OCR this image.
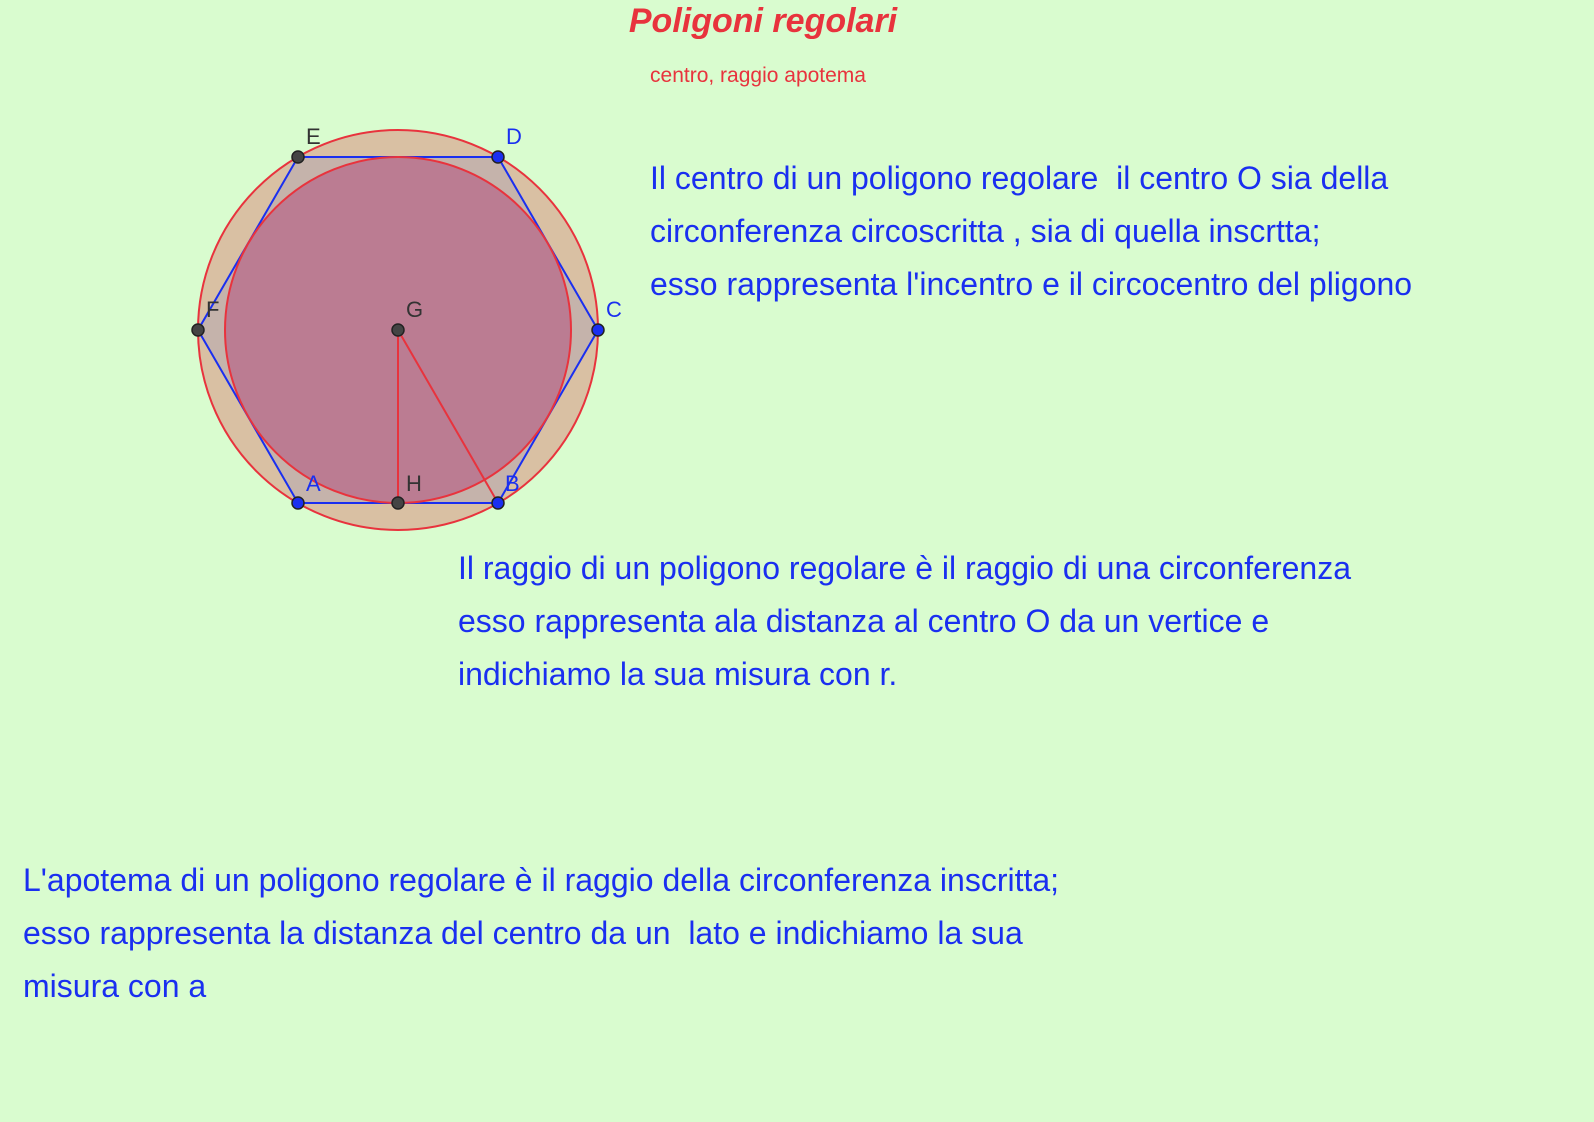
Poligoni regolari
centro, raggio apotema
A	B
C
D
E
F	G
H
Il centro di un poligono regolare  il centro O sia della
circonferenza circoscritta , sia di quella inscrtta;
esso rappresenta l'incentro e il circocentro del pligono
Il raggio di un poligono regolare è il raggio di una circonferenza
esso rappresenta ala distanza al centro O da un vertice e
indichiamo la sua misura con r.
L'apotema di un poligono regolare è il raggio della circonferenza inscritta;
esso rappresenta la distanza del centro da un  lato e indichiamo la sua
misura con a
